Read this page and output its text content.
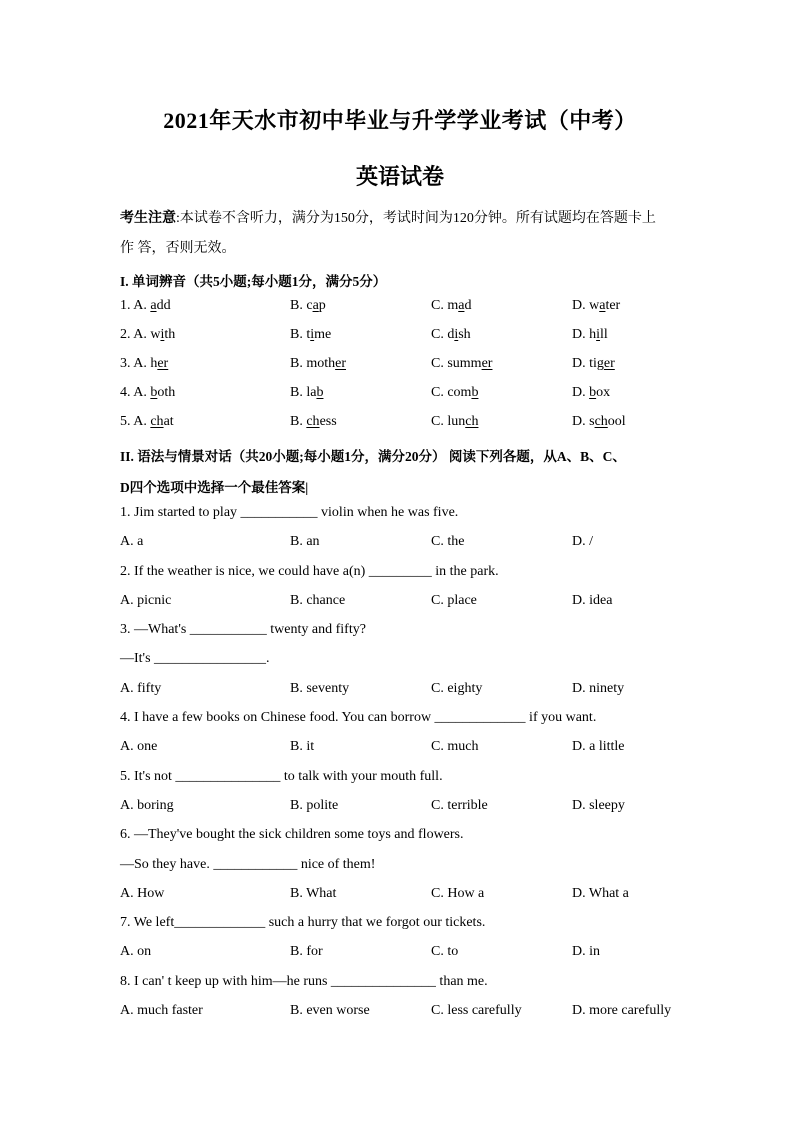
2021年天水市初中毕业与升学学业考试（中考）
英语试卷
考生注意:本试卷不含听力，满分为150分，考试时间为120分钟。所有试题均在答题卡上
作 答，否则无效。
I. 单词辨音（共5小题;每小题1分，满分5分）
1. A. add	B. cap	C. mad	D. water
2. A. with	B. time	C. dish	D. hill
3. A. her	B. mother	C. summer	D. tiger
4. A. both	B. lab	C. comb	D. box
5. A. chat	B. chess	C. lunch	D. school
II. 语法与情景对话（共20小题;每小题1分，满分20分） 阅读下列各题，从A、B、C、
D四个选项中选择一个最佳答案|
1. Jim started to play ___________ violin when he was five.
A. a	B. an	C. the	D. /
2. If the weather is nice, we could have a(n) _________ in the park.
A. picnic	B. chance	C. place	D. idea
3. —What's ___________ twenty and fifty?
—It's ________________.
A. fifty	B. seventy	C. eighty	D. ninety
4. I have a few books on Chinese food. You can borrow _____________ if you want.
A. one	B. it	C. much	D. a little
5. It's not _______________ to talk with your mouth full.
A. boring	B. polite	C. terrible	D. sleepy
6. —They've bought the sick children some toys and flowers.
—So they have. ____________ nice of them!
A. How	B. What	C. How a	D. What a
7. We left_____________ such a hurry that we forgot our tickets.
A. on	B. for	C. to	D. in
8. I can' t keep up with him—he runs _______________ than me.
A. much faster	B. even worse	C. less carefully	D. more carefully
